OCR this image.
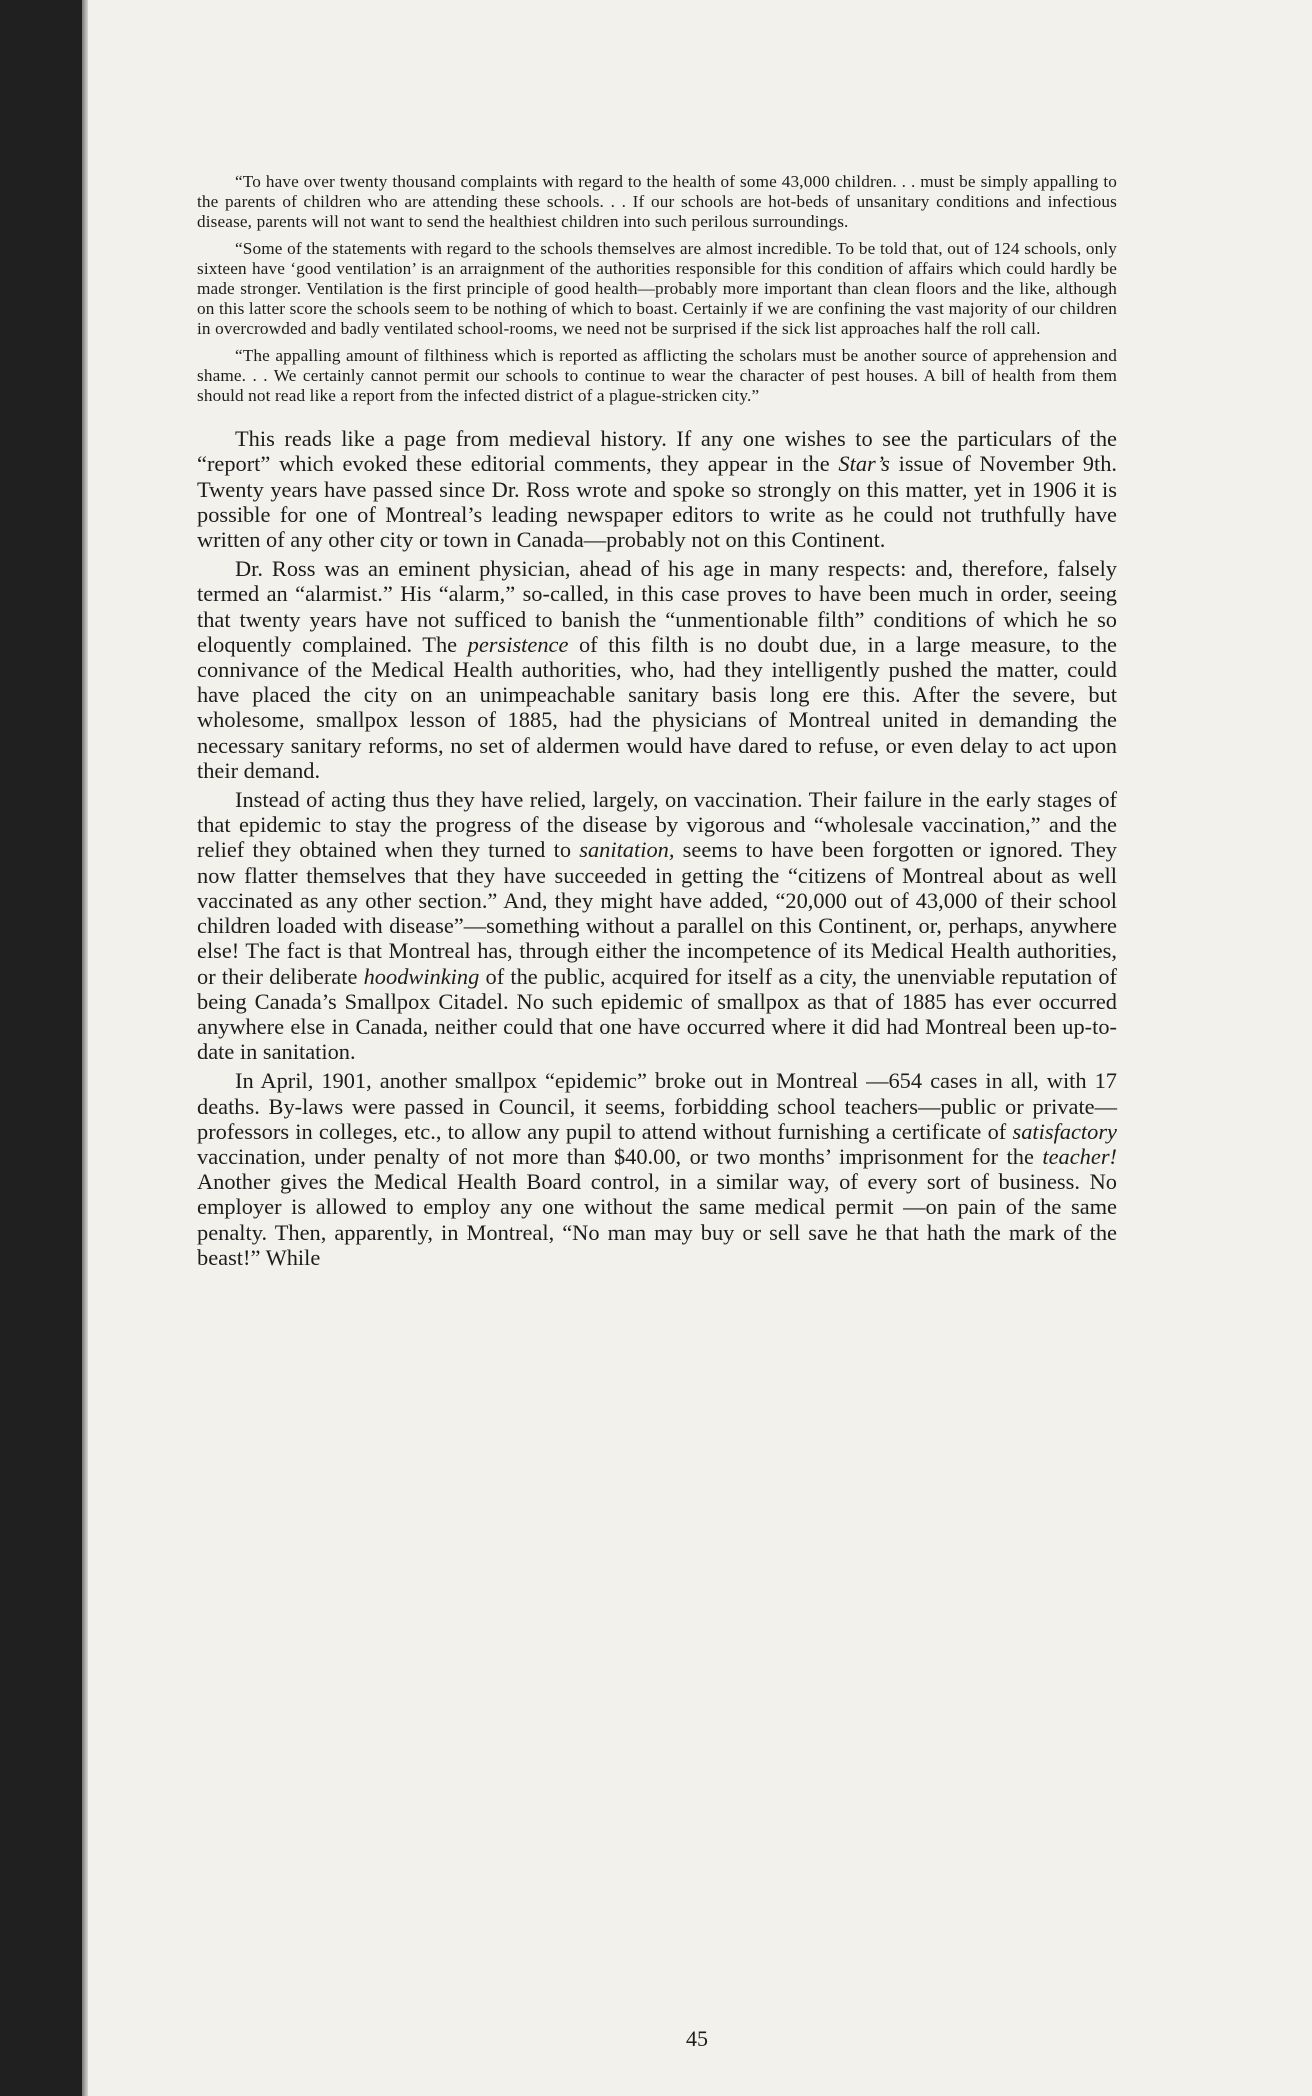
“To have over twenty thousand complaints with regard to the health of some 43,000 children. . . must be simply appalling to the parents of children who are attending these schools. . . If our schools are hot-beds of unsanitary conditions and infectious disease, parents will not want to send the healthiest children into such perilous surroundings.

“Some of the statements with regard to the schools themselves are almost incredible. To be told that, out of 124 schools, only sixteen have ‘good ventilation’ is an arraignment of the authorities responsible for this condition of affairs which could hardly be made stronger. Ventilation is the first principle of good health—probably more important than clean floors and the like, although on this latter score the schools seem to be nothing of which to boast. Certainly if we are confining the vast majority of our children in overcrowded and badly ventilated school-rooms, we need not be surprised if the sick list approaches half the roll call.

“The appalling amount of filthiness which is reported as afflicting the scholars must be another source of apprehension and shame. . . We certainly cannot permit our schools to continue to wear the character of pest houses. A bill of health from them should not read like a report from the infected district of a plague-stricken city.”

This reads like a page from medieval history. If any one wishes to see the particulars of the “report” which evoked these editorial comments, they appear in the Star’s issue of November 9th. Twenty years have passed since Dr. Ross wrote and spoke so strongly on this matter, yet in 1906 it is possible for one of Montreal’s leading newspaper editors to write as he could not truthfully have written of any other city or town in Canada—probably not on this Continent.

Dr. Ross was an eminent physician, ahead of his age in many respects: and, therefore, falsely termed an “alarmist.” His “alarm,” so-called, in this case proves to have been much in order, seeing that twenty years have not sufficed to banish the “unmentionable filth” conditions of which he so eloquently complained. The persistence of this filth is no doubt due, in a large measure, to the connivance of the Medical Health authorities, who, had they intelligently pushed the matter, could have placed the city on an unimpeachable sanitary basis long ere this. After the severe, but wholesome, smallpox lesson of 1885, had the physicians of Montreal united in demanding the necessary sanitary reforms, no set of aldermen would have dared to refuse, or even delay to act upon their demand.

Instead of acting thus they have relied, largely, on vaccination. Their failure in the early stages of that epidemic to stay the progress of the disease by vigorous and “wholesale vaccination,” and the relief they obtained when they turned to sanitation, seems to have been forgotten or ignored. They now flatter themselves that they have succeeded in getting the “citizens of Montreal about as well vaccinated as any other section.” And, they might have added, “20,000 out of 43,000 of their school children loaded with disease”—something without a parallel on this Continent, or, perhaps, anywhere else! The fact is that Montreal has, through either the incompetence of its Medical Health authorities, or their deliberate hoodwinking of the public, acquired for itself as a city, the unenviable reputation of being Canada’s Smallpox Citadel. No such epidemic of smallpox as that of 1885 has ever occurred anywhere else in Canada, neither could that one have occurred where it did had Montreal been up-to-date in sanitation.

In April, 1901, another smallpox “epidemic” broke out in Montreal —654 cases in all, with 17 deaths. By-laws were passed in Council, it seems, forbidding school teachers—public or private—professors in colleges, etc., to allow any pupil to attend without furnishing a certificate of satisfactory vaccination, under penalty of not more than $40.00, or two months’ imprisonment for the teacher! Another gives the Medical Health Board control, in a similar way, of every sort of business. No employer is allowed to employ any one without the same medical permit —on pain of the same penalty. Then, apparently, in Montreal, “No man may buy or sell save he that hath the mark of the beast!” While

45
